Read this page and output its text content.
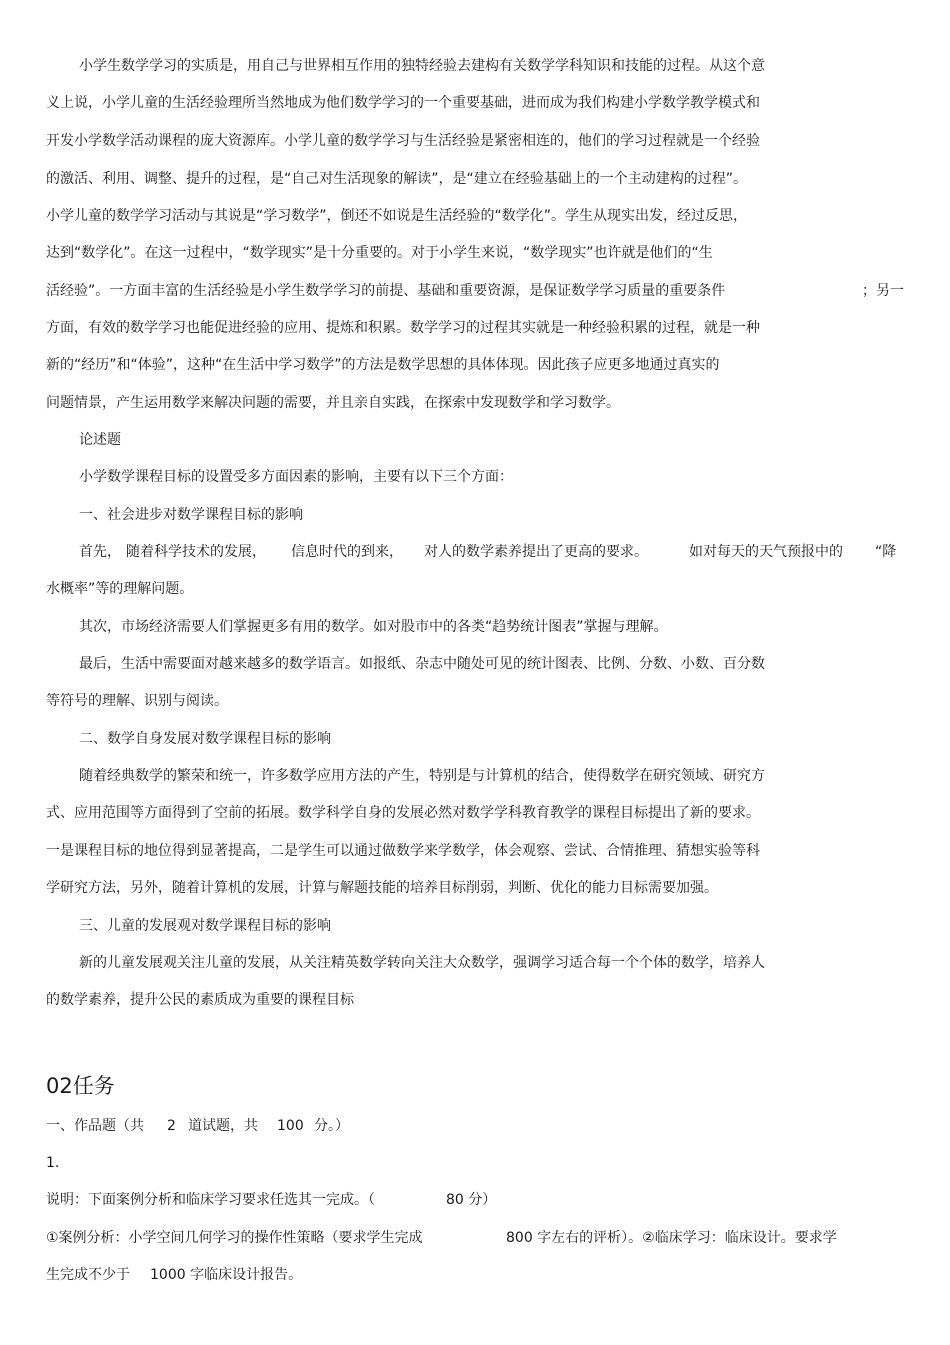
小学生数学学习的实质是，用自己与世界相互作用的独特经验去建构有关数学学科知识和技能的过程。从这个意
义上说，小学儿童的生活经验理所当然地成为他们数学学习的一个重要基础，进而成为我们构建小学数学教学模式和
开发小学数学活动课程的庞大资源库。小学儿童的数学学习与生活经验是紧密相连的，他们的学习过程就是一个经验
的激活、利用、调整、提升的过程，是“自己对生活现象的解读”，是“建立在经验基础上的一个主动建构的过程”。
小学儿童的数学学习活动与其说是“学习数学”，倒还不如说是生活经验的“数学化”。学生从现实出发，经过反思，
达到“数学化”。在这一过程中，“数学现实”是十分重要的。对于小学生来说，“数学现实”也许就是他们的“生
活经验”。一方面丰富的生活经验是小学生数学学习的前提、基础和重要资源，是保证数学学习质量的重要条件	；另一
方面，有效的数学学习也能促进经验的应用、提炼和积累。数学学习的过程其实就是一种经验积累的过程，就是一种
新的“经历”和“体验”，这种“在生活中学习数学”的方法是数学思想的具体体现。因此孩子应更多地通过真实的
问题情景，产生运用数学来解决问题的需要，并且亲自实践，在探索中发现数学和学习数学。
论述题
小学数学课程目标的设置受多方面因素的影响，主要有以下三个方面：
一、社会进步对数学课程目标的影响
首先， 随着科学技术的发展， 信息时代的到来， 对人的数学素养提出了更高的要求。	如对每天的天气预报中的 “降
水概率”等的理解问题。
其次，市场经济需要人们掌握更多有用的数学。如对股市中的各类“趋势统计图表”掌握与理解。
最后，生活中需要面对越来越多的数学语言。如报纸、杂志中随处可见的统计图表、比例、分数、小数、百分数
等符号的理解、识别与阅读。
二、数学自身发展对数学课程目标的影响
随着经典数学的繁荣和统一，许多数学应用方法的产生，特别是与计算机的结合，使得数学在研究领域、研究方
式、应用范围等方面得到了空前的拓展。数学科学自身的发展必然对数学学科教育教学的课程目标提出了新的要求。
一是课程目标的地位得到显著提高，二是学生可以通过做数学来学数学，体会观察、尝试、合情推理、猜想实验等科
学研究方法，另外，随着计算机的发展，计算与解题技能的培养目标削弱，判断、优化的能力目标需要加强。
三、儿童的发展观对数学课程目标的影响
新的儿童发展观关注儿童的发展，从关注精英数学转向关注大众数学，强调学习适合每一个个体的数学，培养人
的数学素养，提升公民的素质成为重要的课程目标
02任务
一、作品题（共 2 道试题，共 100 分。）
1.
说明：下面案例分析和临床学习要求任选其一完成。（	80 分）
①案例分析：小学空间几何学习的操作性策略（要求学生完成	800 字左右的评析）。②临床学习：临床设计。要求学
生完成不少于 1000 字临床设计报告。
